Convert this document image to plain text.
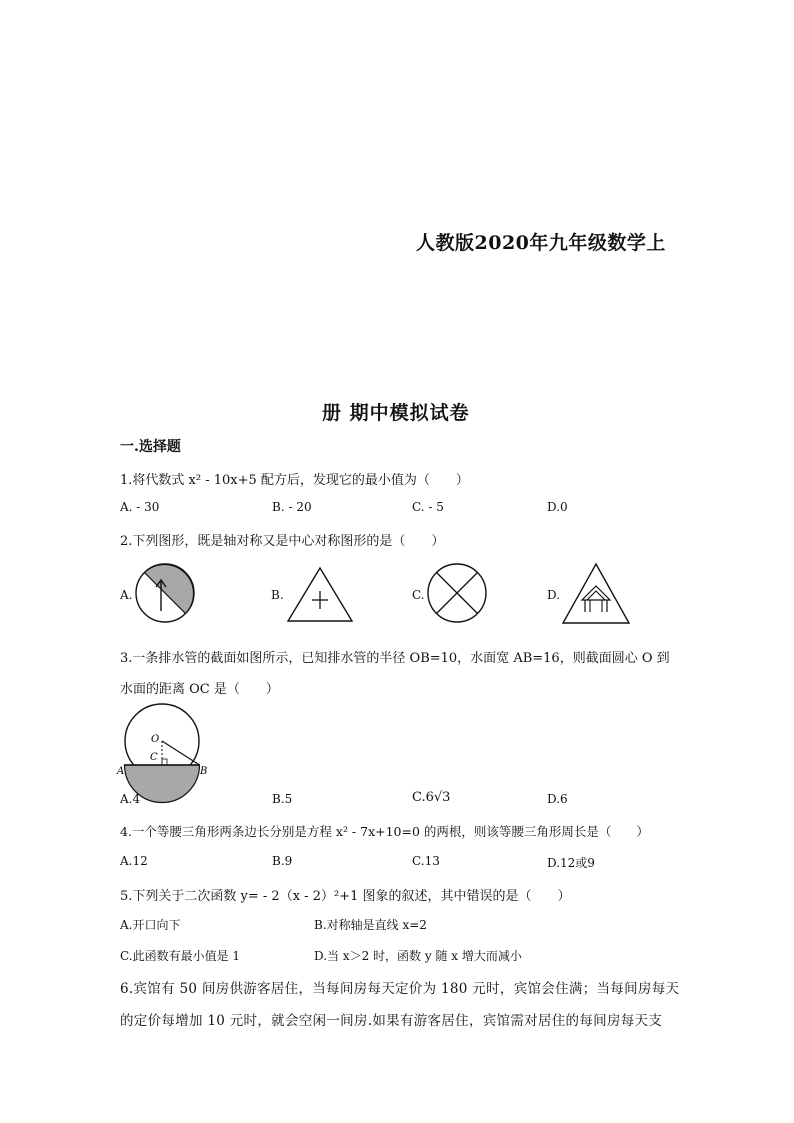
人教版2020年九年级数学上
册 期中模拟试卷
一.选择题
1.将代数式 x² - 10x+5 配方后，发现它的最小值为（　　）
A. - 30	B. - 20	C. - 5	D.0
2.下列图形，既是轴对称又是中心对称图形的是（　　）
A.	B.	C.	D.
3.一条排水管的截面如图所示，已知排水管的半径 OB=10，水面宽 AB=16，则截面圆心 O 到
水面的距离 OC 是（　　）
O
C
A	B
A.4	B.5	C.6√3	D.6
4.一个等腰三角形两条边长分别是方程 x² - 7x+10=0 的两根，则该等腰三角形周长是（　　）
A.12	B.9	C.13	D.12或9
5.下列关于二次函数 y= - 2（x - 2）²+1 图象的叙述，其中错误的是（　　）
A.开口向下	B.对称轴是直线 x=2
C.此函数有最小值是 1	D.当 x＞2 时，函数 y 随 x 增大而减小
6.宾馆有 50 间房供游客居住，当每间房每天定价为 180 元时，宾馆会住满；当每间房每天
的定价每增加 10 元时，就会空闲一间房.如果有游客居住，宾馆需对居住的每间房每天支
